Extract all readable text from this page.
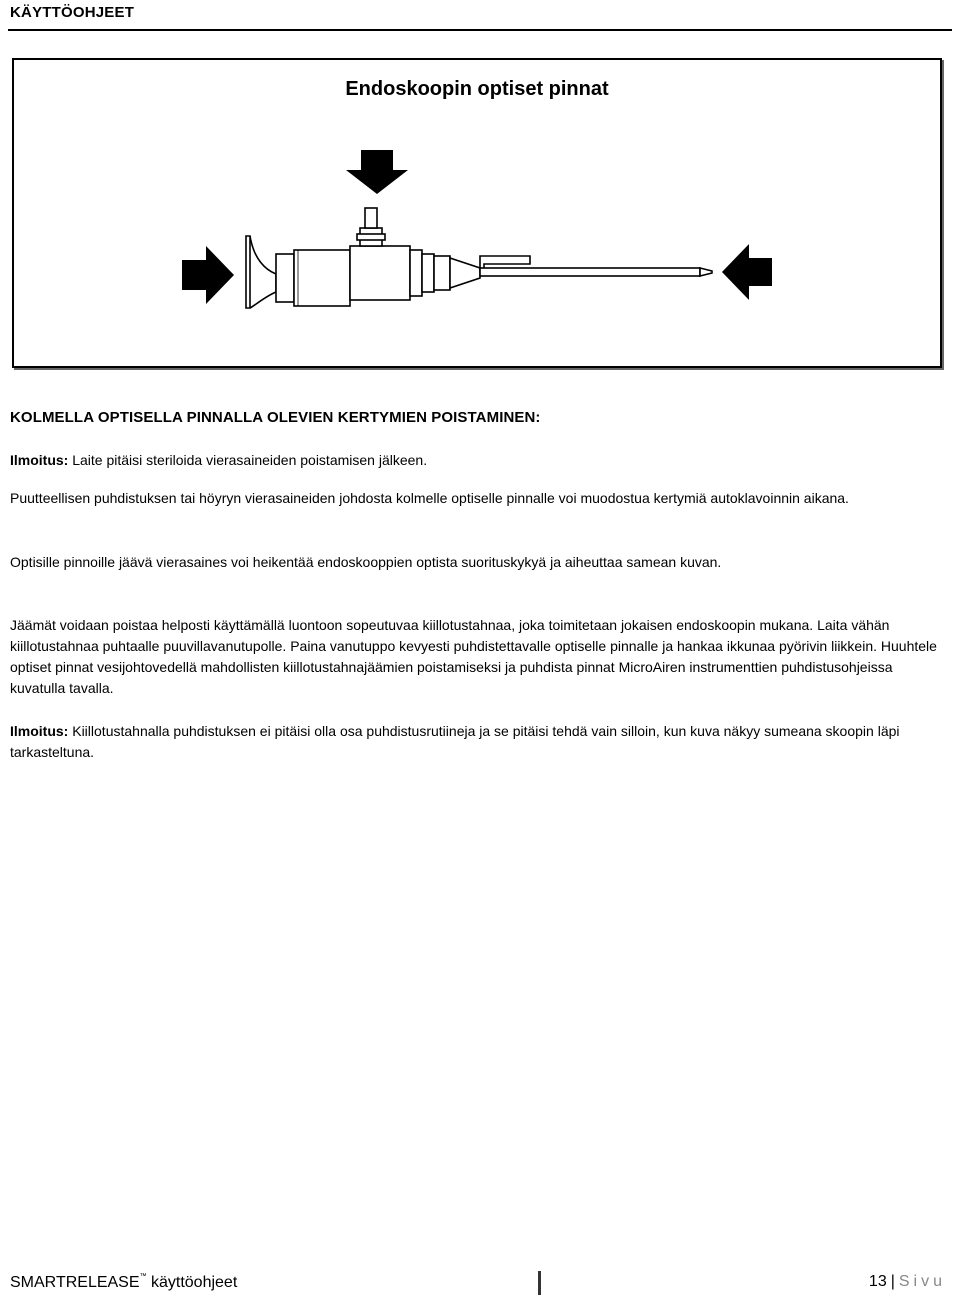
KÄYTTÖOHJEET
Endoskoopin optiset pinnat
KOLMELLA OPTISELLA PINNALLA OLEVIEN KERTYMIEN POISTAMINEN:
Ilmoitus: Laite pitäisi steriloida vierasaineiden poistamisen jälkeen.
Puutteellisen puhdistuksen tai höyryn vierasaineiden johdosta kolmelle optiselle pinnalle voi muodostua kertymiä autoklavoinnin aikana.
Optisille pinnoille jäävä vierasaines voi heikentää endoskooppien optista suorituskykyä ja aiheuttaa samean kuvan.
Jäämät voidaan poistaa helposti käyttämällä luontoon sopeutuvaa kiillotustahnaa, joka toimitetaan jokaisen endoskoopin mukana. Laita vähän kiillotustahnaa puhtaalle puuvillavanutupolle. Paina vanutuppo kevyesti puhdistettavalle optiselle pinnalle ja hankaa ikkunaa pyörivin liikkein. Huuhtele optiset pinnat vesijohtovedellä mahdollisten kiillotustahnajäämien poistamiseksi ja puhdista pinnat MicroAiren instrumenttien puhdistusohjeissa kuvatulla tavalla.
Ilmoitus: Kiillotustahnalla puhdistuksen ei pitäisi olla osa puhdistusrutiineja ja se pitäisi tehdä vain silloin, kun kuva näkyy sumeana skoopin läpi tarkasteltuna.
SMARTRELEASE™ käyttöohjeet	13 | Sivu
